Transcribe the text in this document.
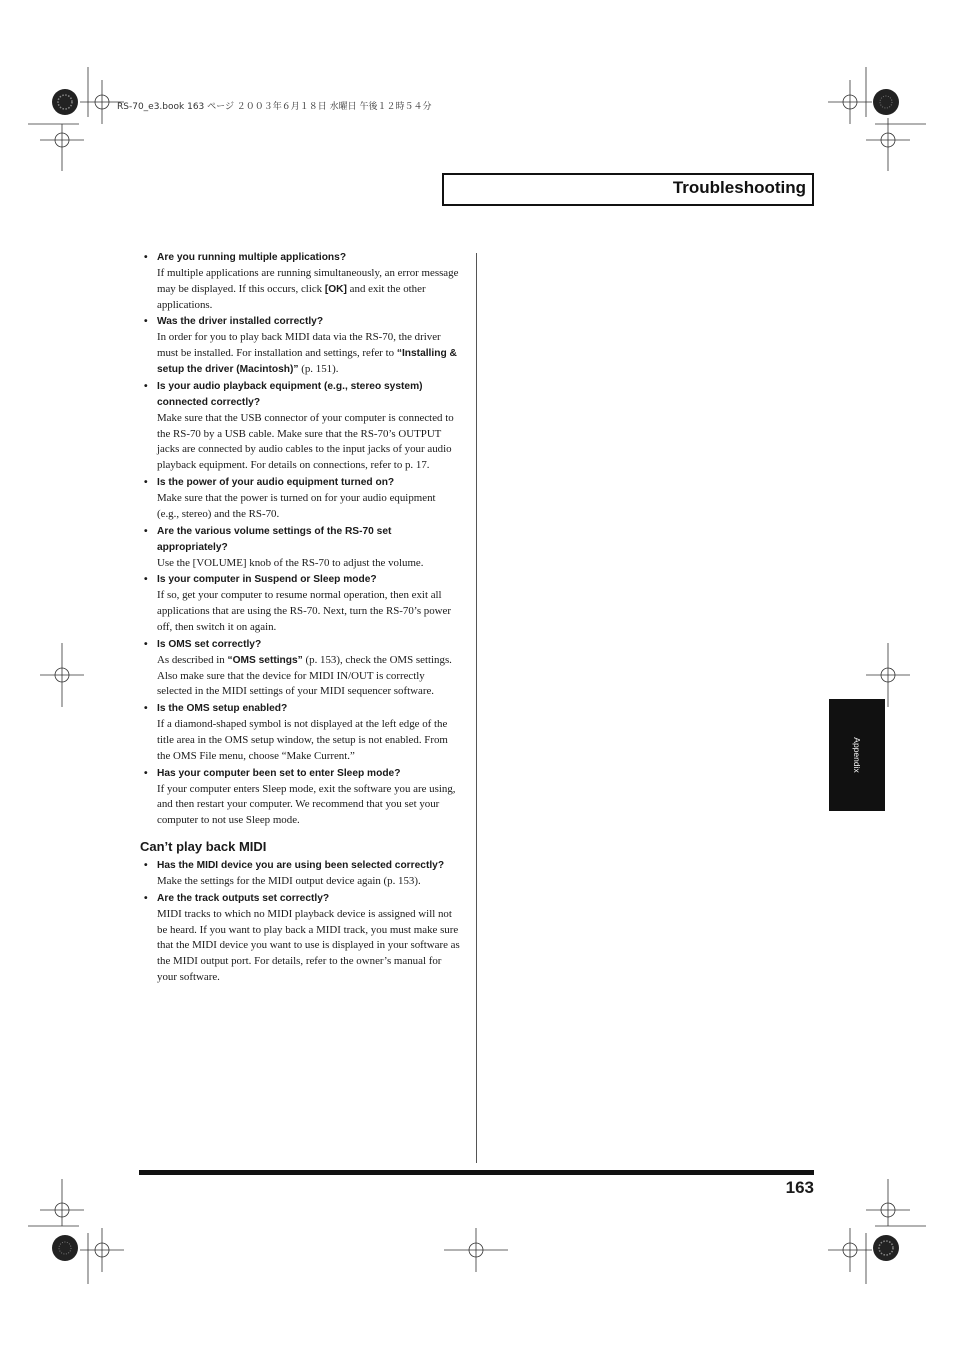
RS-70_e3.book 163 ページ ２００３年６月１８日 水曜日 午後１２時５４分
Troubleshooting
• Are you running multiple applications?
If multiple applications are running simultaneously, an error message may be displayed. If this occurs, click [OK] and exit the other applications.
• Was the driver installed correctly?
In order for you to play back MIDI data via the RS-70, the driver must be installed. For installation and settings, refer to “Installing & setup the driver (Macintosh)” (p. 151).
• Is your audio playback equipment (e.g., stereo system) connected correctly?
Make sure that the USB connector of your computer is connected to the RS-70 by a USB cable. Make sure that the RS-70’s OUTPUT jacks are connected by audio cables to the input jacks of your audio playback equipment. For details on connections, refer to p. 17.
• Is the power of your audio equipment turned on?
Make sure that the power is turned on for your audio equipment (e.g., stereo) and the RS-70.
• Are the various volume settings of the RS-70 set appropriately?
Use the [VOLUME] knob of the RS-70 to adjust the volume.
• Is your computer in Suspend or Sleep mode?
If so, get your computer to resume normal operation, then exit all applications that are using the RS-70. Next, turn the RS-70’s power off, then switch it on again.
• Is OMS set correctly?
As described in “OMS settings” (p. 153), check the OMS settings.
Also make sure that the device for MIDI IN/OUT is correctly selected in the MIDI settings of your MIDI sequencer software.
• Is the OMS setup enabled?
If a diamond-shaped symbol is not displayed at the left edge of the title area in the OMS setup window, the setup is not enabled. From the OMS File menu, choose “Make Current.”
• Has your computer been set to enter Sleep mode?
If your computer enters Sleep mode, exit the software you are using, and then restart your computer. We recommend that you set your computer to not use Sleep mode.
Can’t play back MIDI
• Has the MIDI device you are using been selected correctly?
Make the settings for the MIDI output device again (p. 153).
• Are the track outputs set correctly?
MIDI tracks to which no MIDI playback device is assigned will not be heard. If you want to play back a MIDI track, you must make sure that the MIDI device you want to use is displayed in your software as the MIDI output port. For details, refer to the owner’s manual for your software.
163
Appendix
